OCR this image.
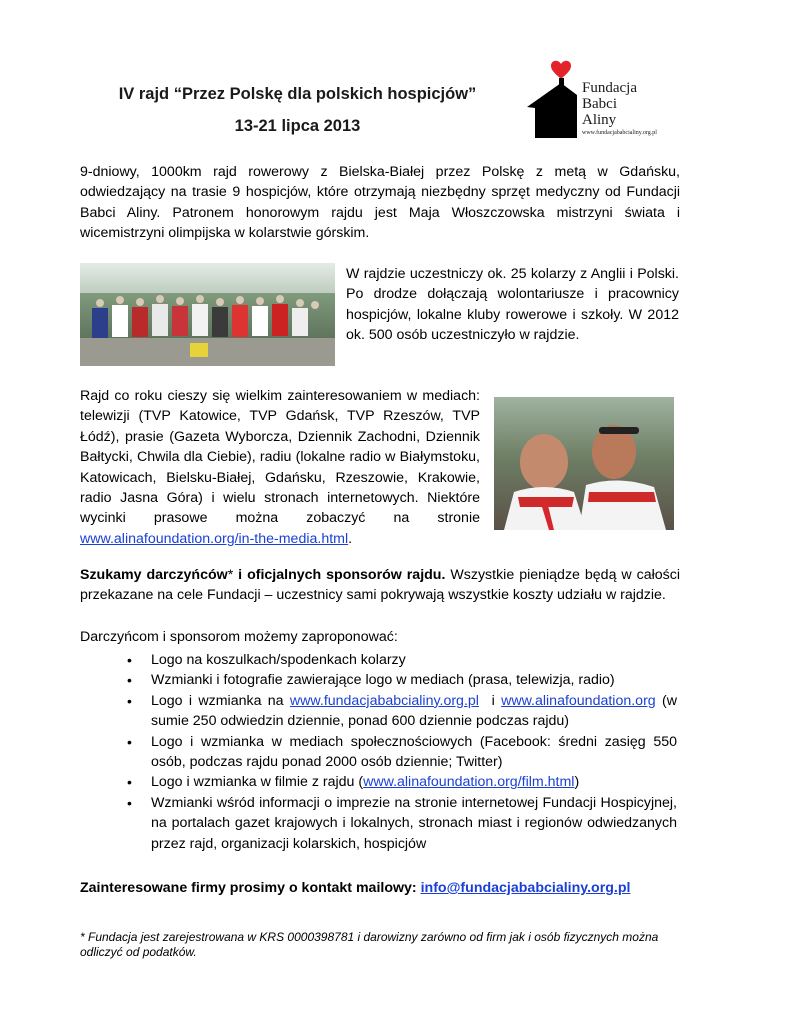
IV rajd “Przez Polskę dla polskich hospicjów”
13-21 lipca 2013
Fundacja
Babci
Aliny
www.fundacjababcialiny.org.pl
9-dniowy, 1000km rajd rowerowy z Bielska-Białej przez Polskę z metą w Gdańsku, odwiedzający na trasie 9 hospicjów, które otrzymają niezbędny sprzęt medyczny od Fundacji Babci Aliny. Patronem honorowym rajdu jest Maja Włoszczowska mistrzyni świata i wicemistrzyni olimpijska w kolarstwie górskim.
W rajdzie uczestniczy ok. 25 kolarzy z Anglii i Polski. Po drodze dołączają wolontariusze i pracownicy hospicjów, lokalne kluby rowerowe i szkoły. W 2012 ok. 500 osób uczestniczyło w rajdzie.
Rajd co roku cieszy się wielkim zainteresowaniem w mediach: telewizji (TVP Katowice, TVP Gdańsk, TVP Rzeszów, TVP Łódź), prasie (Gazeta Wyborcza, Dziennik Zachodni, Dziennik Bałtycki, Chwila dla Ciebie), radiu (lokalne radio w Białymstoku, Katowicach, Bielsku-Białej, Gdańsku, Rzeszowie, Krakowie, radio Jasna Góra) i wielu stronach internetowych. Niektóre wycinki prasowe można zobaczyć na stronie www.alinafoundation.org/in-the-media.html.
Szukamy darczyńców* i oficjalnych sponsorów rajdu. Wszystkie pieniądze będą w całości przekazane na cele Fundacji – uczestnicy sami pokrywają wszystkie koszty udziału w rajdzie.
Darczyńcom i sponsorom możemy zaproponować:
• Logo na koszulkach/spodenkach kolarzy
• Wzmianki i fotografie zawierające logo w mediach (prasa, telewizja, radio)
• Logo i wzmianka na www.fundacjababcialiny.org.pl  i www.alinafoundation.org (w sumie 250 odwiedzin dziennie, ponad 600 dziennie podczas rajdu)
• Logo i wzmianka w mediach społecznościowych (Facebook: średni zasięg 550 osób, podczas rajdu ponad 2000 osób dziennie; Twitter)
• Logo i wzmianka w filmie z rajdu (www.alinafoundation.org/film.html)
• Wzmianki wśród informacji o imprezie na stronie internetowej Fundacji Hospicyjnej, na portalach gazet krajowych i lokalnych, stronach miast i regionów odwiedzanych przez rajd, organizacji kolarskich, hospicjów
Zainteresowane firmy prosimy o kontakt mailowy: info@fundacjababcialiny.org.pl
* Fundacja jest zarejestrowana w KRS 0000398781 i darowizny zarówno od firm jak i osób fizycznych można odliczyć od podatków.
